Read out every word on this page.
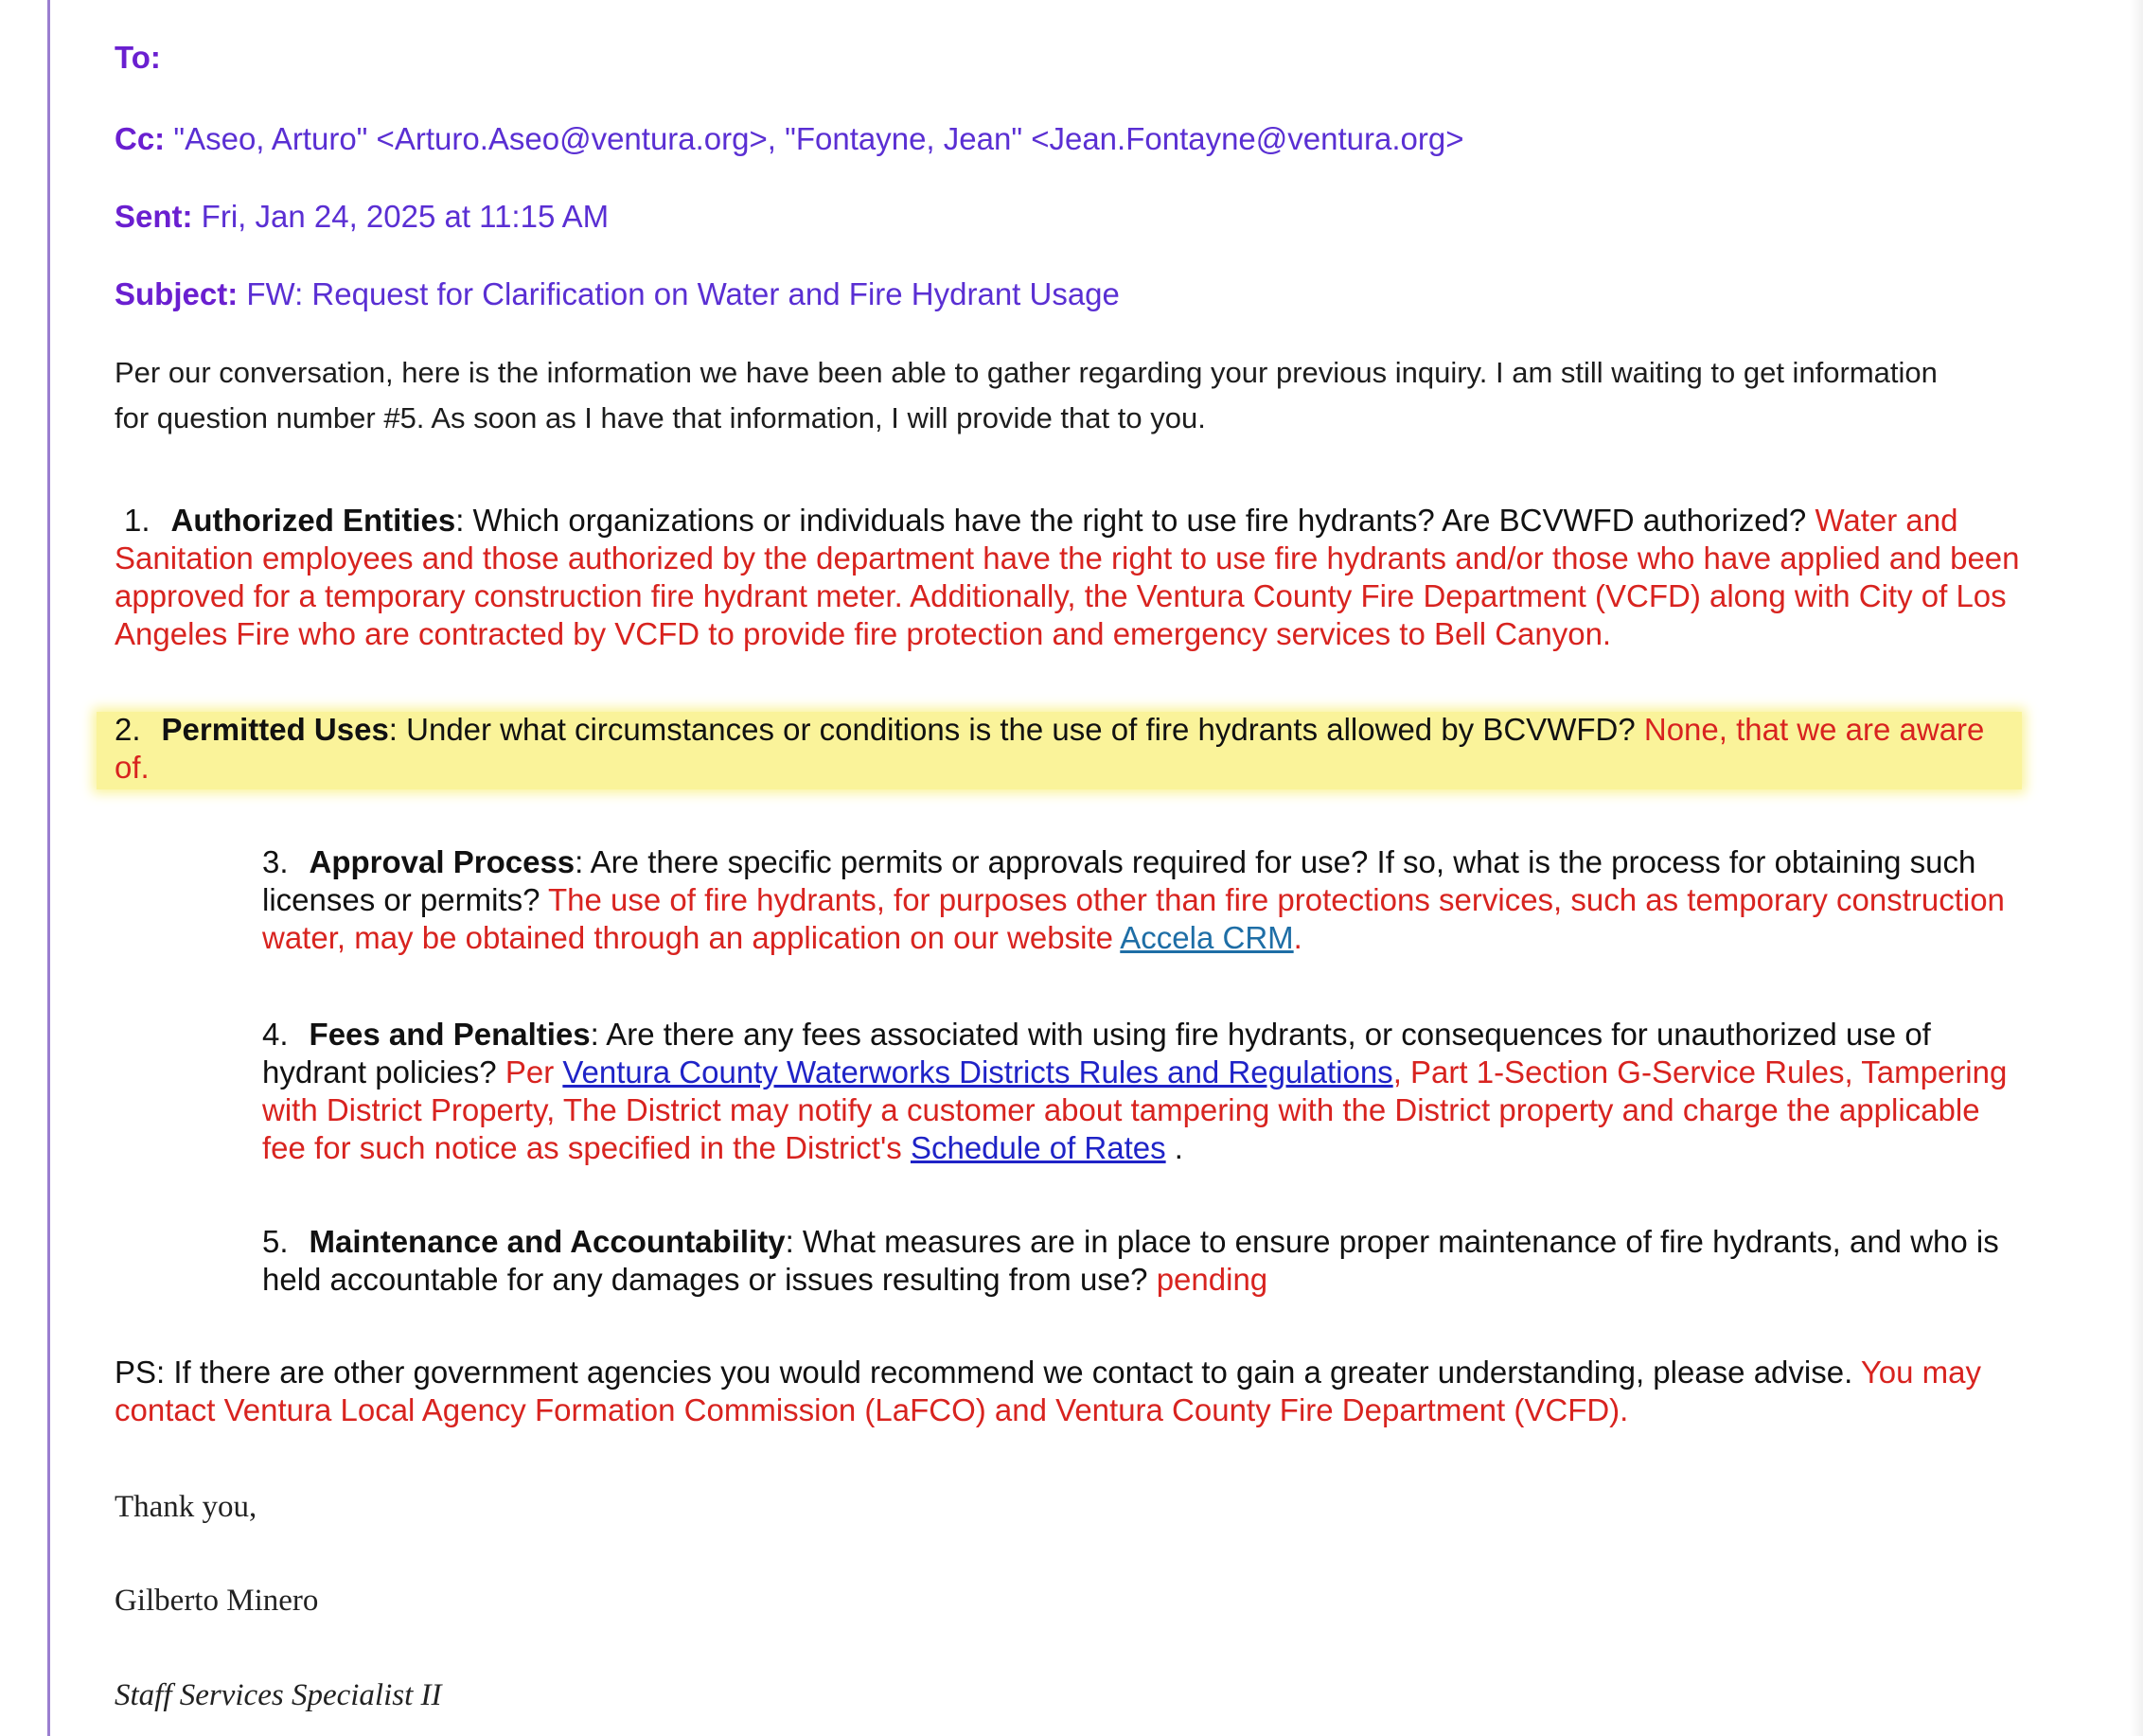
To:
Cc: "Aseo, Arturo" <Arturo.Aseo@ventura.org>, "Fontayne, Jean" <Jean.Fontayne@ventura.org>
Sent: Fri, Jan 24, 2025 at 11:15 AM
Subject: FW: Request for Clarification on Water and Fire Hydrant Usage
Per our conversation, here is the information we have been able to gather regarding your previous inquiry. I am still waiting to get information for question number #5. As soon as I have that information, I will provide that to you.
1. Authorized Entities: Which organizations or individuals have the right to use fire hydrants? Are BCVWFD authorized? Water and Sanitation employees and those authorized by the department have the right to use fire hydrants and/or those who have applied and been approved for a temporary construction fire hydrant meter. Additionally, the Ventura County Fire Department (VCFD) along with City of Los Angeles Fire who are contracted by VCFD to provide fire protection and emergency services to Bell Canyon.
2. Permitted Uses: Under what circumstances or conditions is the use of fire hydrants allowed by BCVWFD? None, that we are aware of.
3. Approval Process: Are there specific permits or approvals required for use? If so, what is the process for obtaining such licenses or permits? The use of fire hydrants, for purposes other than fire protections services, such as temporary construction water, may be obtained through an application on our website Accela CRM.
4. Fees and Penalties: Are there any fees associated with using fire hydrants, or consequences for unauthorized use of hydrant policies? Per Ventura County Waterworks Districts Rules and Regulations, Part 1-Section G-Service Rules, Tampering with District Property, The District may notify a customer about tampering with the District property and charge the applicable fee for such notice as specified in the District's Schedule of Rates .
5. Maintenance and Accountability: What measures are in place to ensure proper maintenance of fire hydrants, and who is held accountable for any damages or issues resulting from use? pending
PS: If there are other government agencies you would recommend we contact to gain a greater understanding, please advise. You may contact Ventura Local Agency Formation Commission (LaFCO) and Ventura County Fire Department (VCFD).
Thank you,
Gilberto Minero
Staff Services Specialist II
